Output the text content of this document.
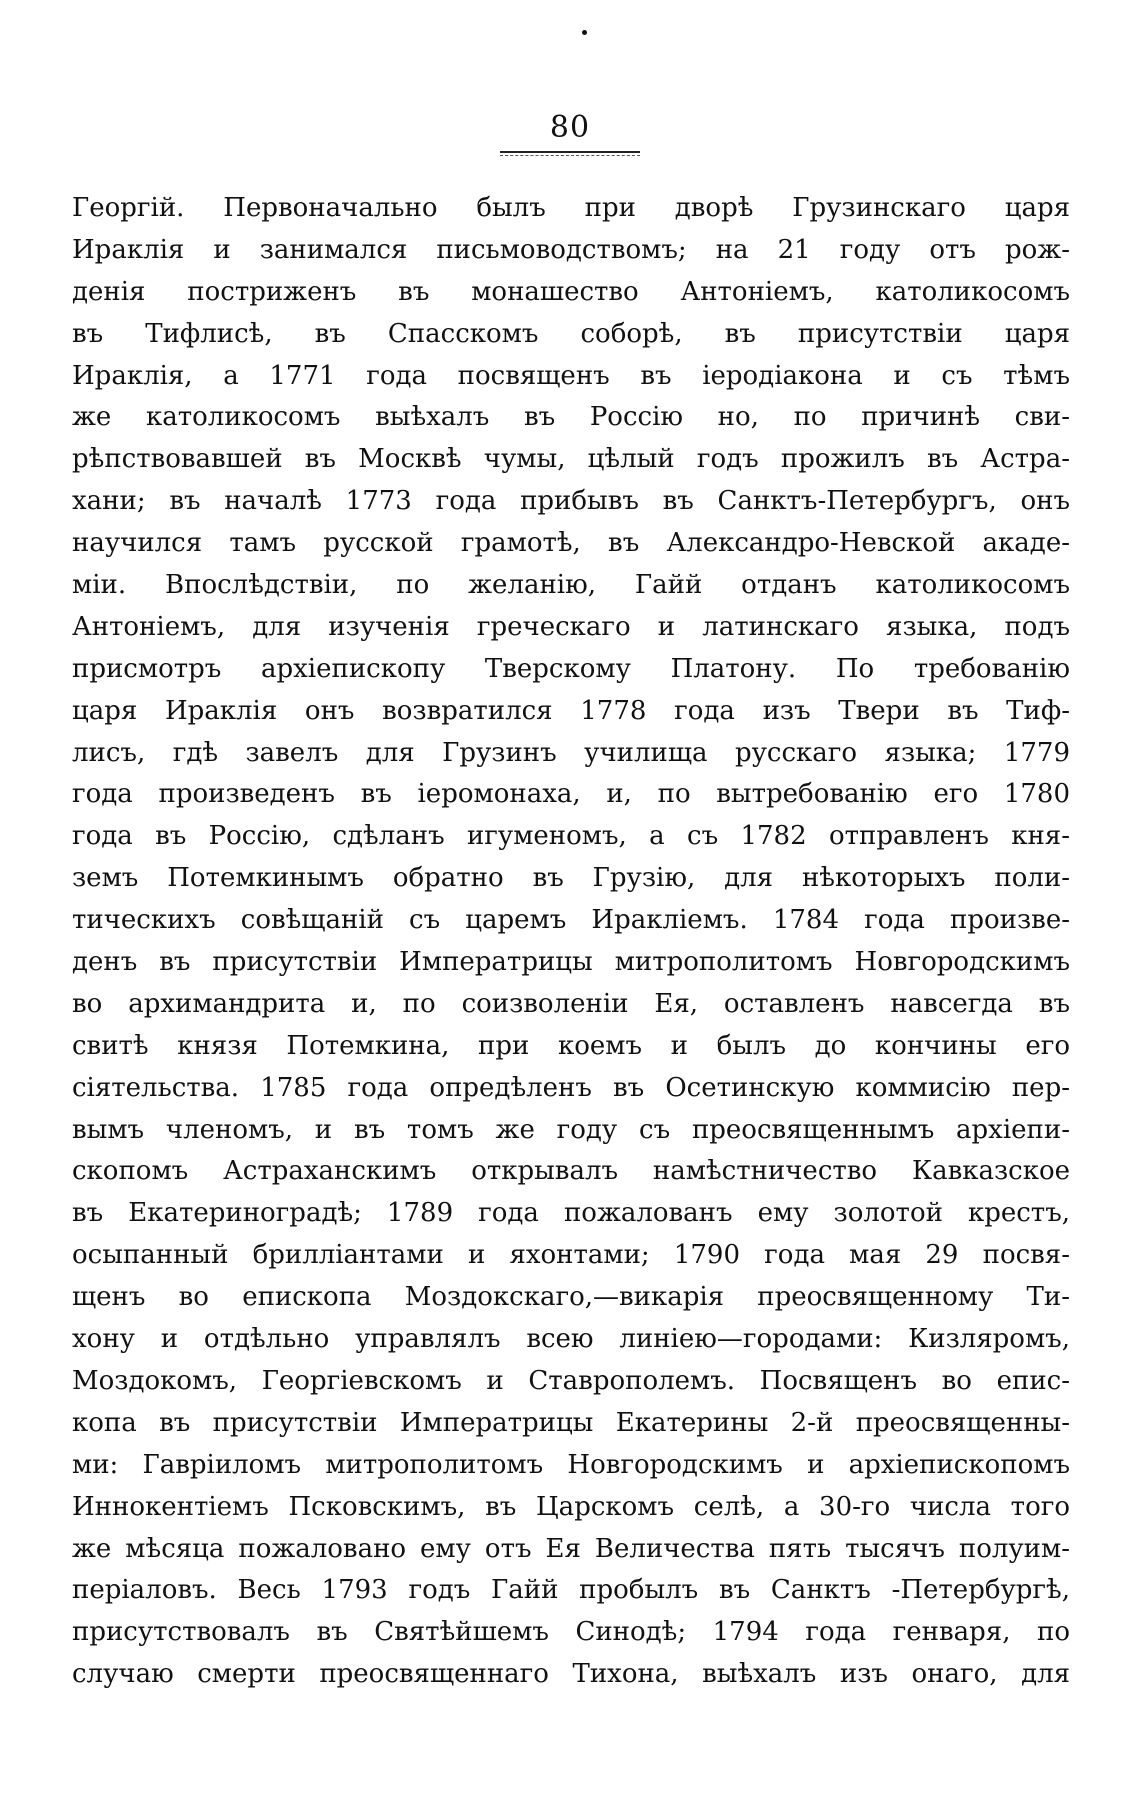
80
Георгій. Первоначально былъ при дворѣ Грузинскаго царя
Ираклія и занимался письмоводствомъ; на 21 году отъ рож-
денія постриженъ въ монашество Антоніемъ, католикосомъ
въ Тифлисѣ, въ Спасскомъ соборѣ, въ присутствіи царя
Ираклія, а 1771 года посвященъ въ іеродіакона и съ тѣмъ
же католикосомъ выѣхалъ въ Россію но, по причинѣ сви-
рѣпствовавшей въ Москвѣ чумы, цѣлый годъ прожилъ въ Астра-
хани; въ началѣ 1773 года прибывъ въ Санктъ-Петербургъ, онъ
научился тамъ русской грамотѣ, въ Александро-Невской акаде-
міи. Впослѣдствіи, по желанію, Гайй отданъ католикосомъ
Антоніемъ, для изученія греческаго и латинскаго языка, подъ
присмотръ архіепископу Тверскому Платону. По требованію
царя Ираклія онъ возвратился 1778 года изъ Твери въ Тиф-
лисъ, гдѣ завелъ для Грузинъ училища русскаго языка; 1779
года произведенъ въ іеромонаха, и, по вытребованію его 1780
года въ Россію, сдѣланъ игуменомъ, а съ 1782 отправленъ кня-
земъ Потемкинымъ обратно въ Грузію, для нѣкоторыхъ поли-
тическихъ совѣщаній съ царемъ Иракліемъ. 1784 года произве-
денъ въ присутствіи Императрицы митрополитомъ Новгородскимъ
во архимандрита и, по соизволеніи Ея, оставленъ навсегда въ
свитѣ князя Потемкина, при коемъ и былъ до кончины его
сіятельства. 1785 года опредѣленъ въ Осетинскую коммисію пер-
вымъ членомъ, и въ томъ же году съ преосвященнымъ архіепи-
скопомъ Астраханскимъ открывалъ намѣстничество Кавказское
въ Екатериноградѣ; 1789 года пожалованъ ему золотой крестъ,
осыпанный брилліантами и яхонтами; 1790 года мая 29 посвя-
щенъ во епископа Моздокскаго,—викарія преосвященному Ти-
хону и отдѣльно управлялъ всею линіею—городами: Кизляромъ,
Моздокомъ, Георгіевскомъ и Ставрополемъ. Посвященъ во епис-
копа въ присутствіи Императрицы Екатерины 2-й преосвященны-
ми: Гавріиломъ митрополитомъ Новгородскимъ и архіепископомъ
Иннокентіемъ Псковскимъ, въ Царскомъ селѣ, а 30-го числа того
же мѣсяца пожаловано ему отъ Ея Величества пять тысячъ полуим-
періаловъ. Весь 1793 годъ Гайй пробылъ въ Санктъ -Петербургѣ,
присутствовалъ въ Святѣйшемъ Синодѣ; 1794 года генваря, по
случаю смерти преосвященнаго Тихона, выѣхалъ изъ онаго, для
